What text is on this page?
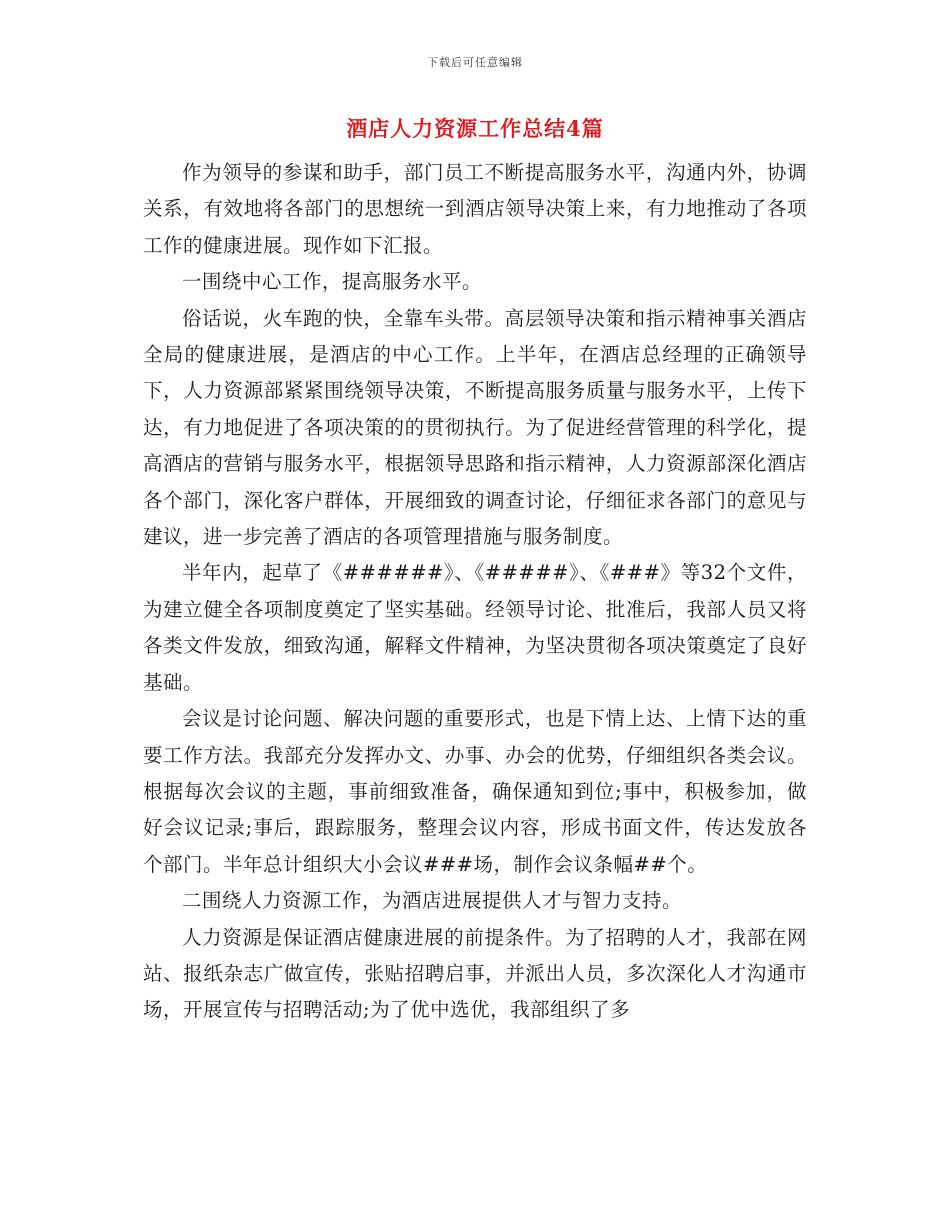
下载后可任意编辑
酒店人力资源工作总结4篇

作为领导的参谋和助手，部门员工不断提高服务水平，沟通内外，协调关系，有效地将各部门的思想统一到酒店领导决策上来，有力地推动了各项工作的健康进展。现作如下汇报。

一围绕中心工作，提高服务水平。

俗话说，火车跑的快，全靠车头带。高层领导决策和指示精神事关酒店全局的健康进展，是酒店的中心工作。上半年，在酒店总经理的正确领导下，人力资源部紧紧围绕领导决策，不断提高服务质量与服务水平，上传下达，有力地促进了各项决策的的贯彻执行。为了促进经营管理的科学化，提高酒店的营销与服务水平，根据领导思路和指示精神，人力资源部深化酒店各个部门，深化客户群体，开展细致的调查讨论，仔细征求各部门的意见与建议，进一步完善了酒店的各项管理措施与服务制度。

半年内，起草了《######》、《#####》、《###》等32个文件，为建立健全各项制度奠定了坚实基础。经领导讨论、批准后，我部人员又将各类文件发放，细致沟通，解释文件精神，为坚决贯彻各项决策奠定了良好基础。

会议是讨论问题、解决问题的重要形式，也是下情上达、上情下达的重要工作方法。我部充分发挥办文、办事、办会的优势，仔细组织各类会议。根据每次会议的主题，事前细致准备，确保通知到位;事中，积极参加，做好会议记录;事后，跟踪服务，整理会议内容，形成书面文件，传达发放各个部门。半年总计组织大小会议###场，制作会议条幅##个。

二围绕人力资源工作，为酒店进展提供人才与智力支持。

人力资源是保证酒店健康进展的前提条件。为了招聘的人才，我部在网站、报纸杂志广做宣传，张贴招聘启事，并派出人员，多次深化人才沟通市场，开展宣传与招聘活动;为了优中选优，我部组织了多
